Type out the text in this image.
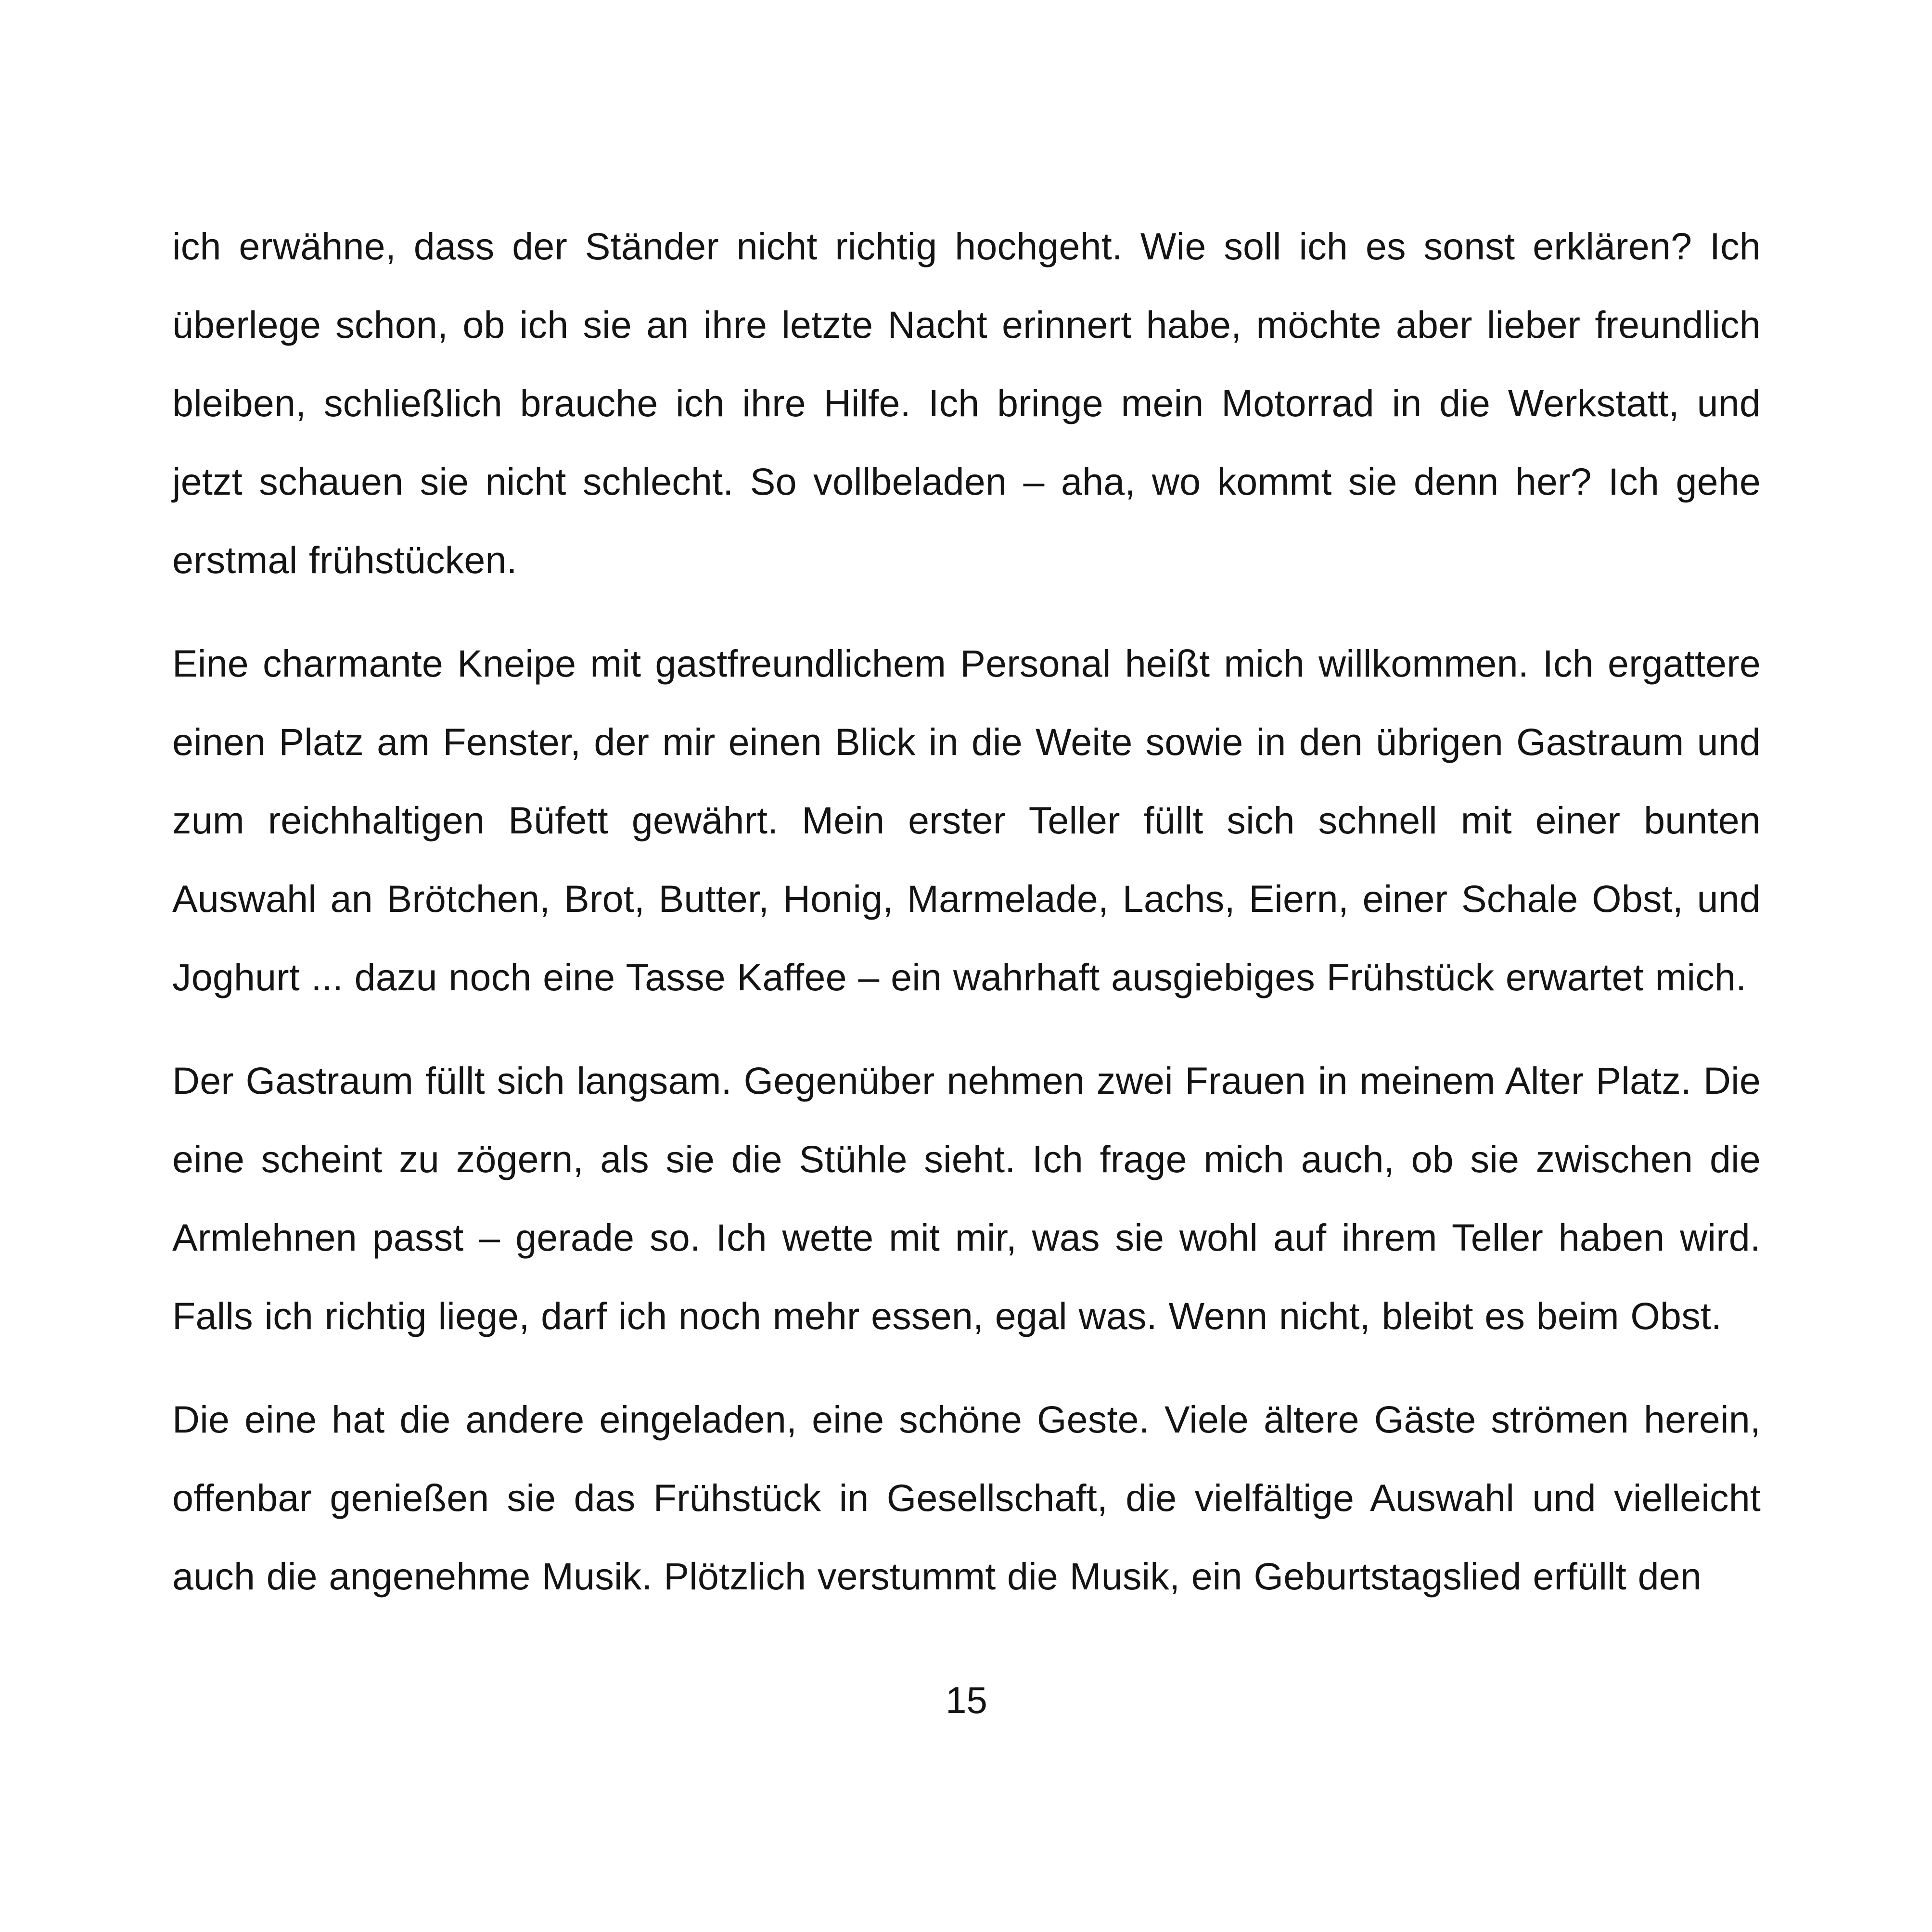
ich erwähne, dass der Ständer nicht richtig hochgeht. Wie soll ich es sonst erklären? Ich überlege schon, ob ich sie an ihre letzte Nacht erinnert habe, möchte aber lieber freundlich bleiben, schließlich brauche ich ihre Hilfe. Ich bringe mein Motorrad in die Werkstatt, und jetzt schauen sie nicht schlecht. So vollbeladen – aha, wo kommt sie denn her? Ich gehe erstmal frühstücken.

Eine charmante Kneipe mit gastfreundlichem Personal heißt mich willkommen. Ich ergattere einen Platz am Fenster, der mir einen Blick in die Weite sowie in den übrigen Gastraum und zum reichhaltigen Büfett gewährt. Mein erster Teller füllt sich schnell mit einer bunten Auswahl an Brötchen, Brot, Butter, Honig, Marmelade, Lachs, Eiern, einer Schale Obst, und Joghurt ... dazu noch eine Tasse Kaffee – ein wahrhaft ausgiebiges Frühstück erwartet mich.

Der Gastraum füllt sich langsam. Gegenüber nehmen zwei Frauen in meinem Alter Platz. Die eine scheint zu zögern, als sie die Stühle sieht. Ich frage mich auch, ob sie zwischen die Armlehnen passt – gerade so. Ich wette mit mir, was sie wohl auf ihrem Teller haben wird. Falls ich richtig liege, darf ich noch mehr essen, egal was. Wenn nicht, bleibt es beim Obst.

Die eine hat die andere eingeladen, eine schöne Geste. Viele ältere Gäste strömen herein, offenbar genießen sie das Frühstück in Gesellschaft, die vielfältige Auswahl und vielleicht auch die angenehme Musik. Plötzlich verstummt die Musik, ein Geburtstagslied erfüllt den

15
